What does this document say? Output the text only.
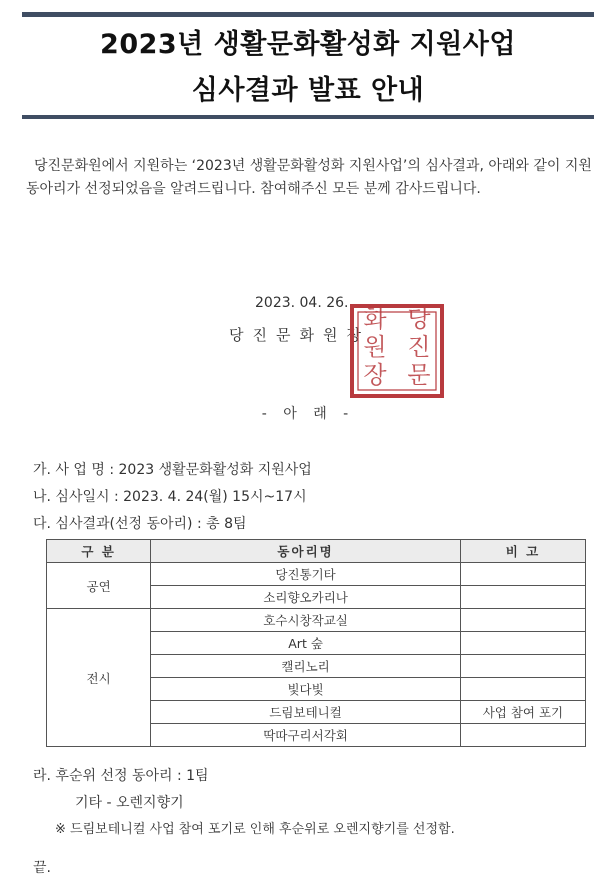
2023년 생활문화활성화 지원사업
심사결과 발표 안내
당진문화원에서 지원하는 ‘2023년 생활문화활성화 지원사업’의 심사결과, 아래와 같이 지원 동아리가 선정되었음을 알려드립니다. 참여해주신 모든 분께 감사드립니다.
2023. 04. 26.
당진문화원장
당
진
문
화
원
장
- 아 래 -
가. 사 업 명 : 2023 생활문화활성화 지원사업
나. 심사일시 : 2023. 4. 24(월) 15시~17시
다. 심사결과(선정 동아리) : 총 8팀
구 분	동아리명	비 고
공연	당진통기타	
	소리향오카리나	
전시	호수시창작교실	
	Art 숲	
	캘리노리	
	빛다빛	
	드림보테니컬	사업 참여 포기
	딱따구리서각회	
라. 후순위 선정 동아리 : 1팀
기타 - 오렌지향기
※ 드림보테니컬 사업 참여 포기로 인해 후순위로 오렌지향기를 선정함.
끝.
